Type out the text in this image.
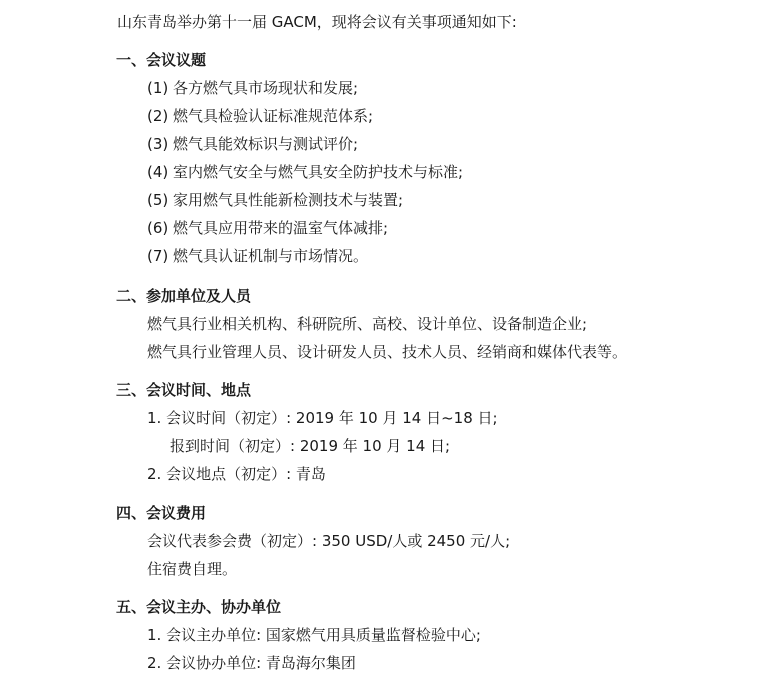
山东青岛举办第十一届 GACM，现将会议有关事项通知如下:
一、会议议题
(1) 各方燃气具市场现状和发展;
(2) 燃气具检验认证标准规范体系;
(3) 燃气具能效标识与测试评价;
(4) 室内燃气安全与燃气具安全防护技术与标准;
(5) 家用燃气具性能新检测技术与装置;
(6) 燃气具应用带来的温室气体减排;
(7) 燃气具认证机制与市场情况。
二、参加单位及人员
燃气具行业相关机构、科研院所、高校、设计单位、设备制造企业;
燃气具行业管理人员、设计研发人员、技术人员、经销商和媒体代表等。
三、会议时间、地点
1. 会议时间（初定）: 2019 年 10 月 14 日~18 日;
报到时间（初定）: 2019 年 10 月 14 日;
2. 会议地点（初定）: 青岛
四、会议费用
会议代表参会费（初定）: 350 USD/人或 2450 元/人;
住宿费自理。
五、会议主办、协办单位
1. 会议主办单位: 国家燃气用具质量监督检验中心;
2. 会议协办单位: 青岛海尔集团
